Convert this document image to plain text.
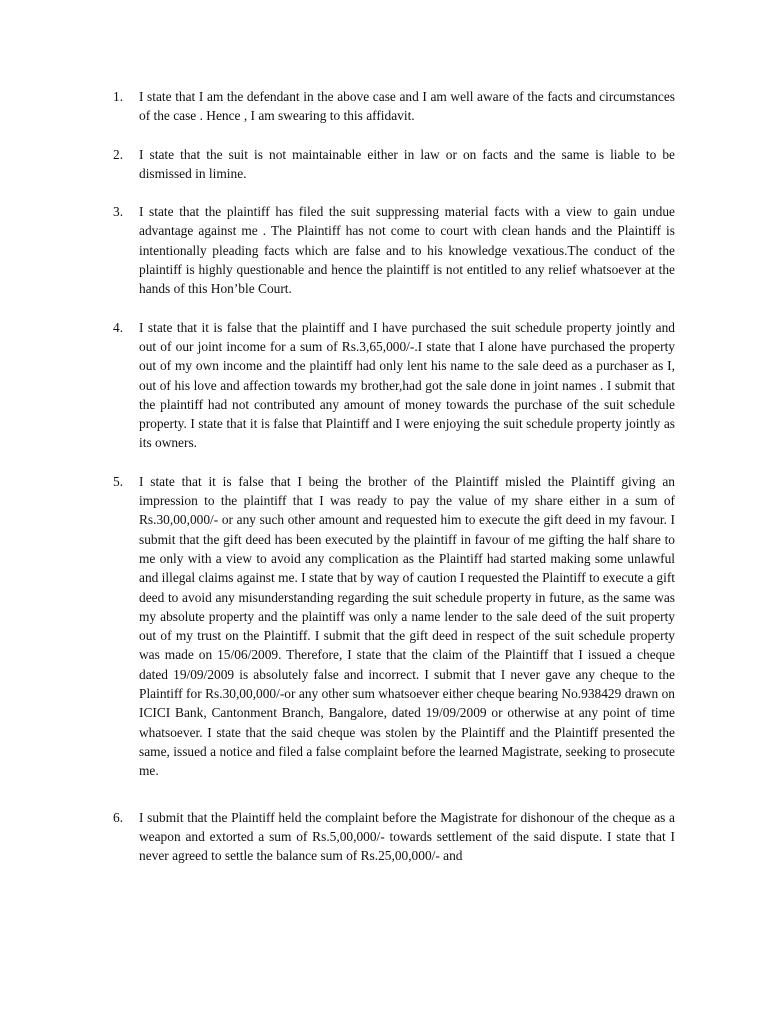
1. I state that I am the defendant in the above case and I am well aware of the facts and circumstances of the case . Hence , I am swearing to this affidavit.
2. I state that the suit is not maintainable either in law or on facts and the same is liable to be dismissed in limine.
3. I state that the plaintiff has filed the suit suppressing material facts with a view to gain undue advantage against me . The Plaintiff has not come to court with clean hands and the Plaintiff is intentionally pleading facts which are false and to his knowledge vexatious.The conduct of the plaintiff is highly questionable and hence the plaintiff is not entitled to any relief whatsoever at the hands of this Hon’ble Court.
4. I state that it is false that the plaintiff and I have purchased the suit schedule property jointly and out of our joint income for a sum of Rs.3,65,000/-.I state that I alone have purchased the property out of my own income and the plaintiff had only lent his name to the sale deed as a purchaser as I, out of his love and affection towards my brother,had got the sale done in joint names . I submit that the plaintiff had not contributed any amount of money towards the purchase of the suit schedule property. I state that it is false that Plaintiff and I were enjoying the suit schedule property jointly as its owners.
5. I state that it is false that I being the brother of the Plaintiff misled the Plaintiff giving an impression to the plaintiff that I was ready to pay the value of my share either in a sum of Rs.30,00,000/- or any such other amount and requested him to execute the gift deed in my favour. I submit that the gift deed has been executed by the plaintiff in favour of me gifting the half share to me only with a view to avoid any complication as the Plaintiff had started making some unlawful and illegal claims against me. I state that by way of caution I requested the Plaintiff to execute a gift deed to avoid any misunderstanding regarding the suit schedule property in future, as the same was my absolute property and the plaintiff was only a name lender to the sale deed of the suit property out of my trust on the Plaintiff. I submit that the gift deed in respect of the suit schedule property was made on 15/06/2009. Therefore, I state that the claim of the Plaintiff that I issued a cheque dated 19/09/2009 is absolutely false and incorrect. I submit that I never gave any cheque to the Plaintiff for Rs.30,00,000/-or any other sum whatsoever either cheque bearing No.938429 drawn on ICICI Bank, Cantonment Branch, Bangalore, dated 19/09/2009 or otherwise at any point of time whatsoever. I state that the said cheque was stolen by the Plaintiff and the Plaintiff presented the same, issued a notice and filed a false complaint before the learned Magistrate, seeking to prosecute me.
6. I submit that the Plaintiff held the complaint before the Magistrate for dishonour of the cheque as a weapon and extorted a sum of Rs.5,00,000/- towards settlement of the said dispute. I state that I never agreed to settle the balance sum of Rs.25,00,000/- and
